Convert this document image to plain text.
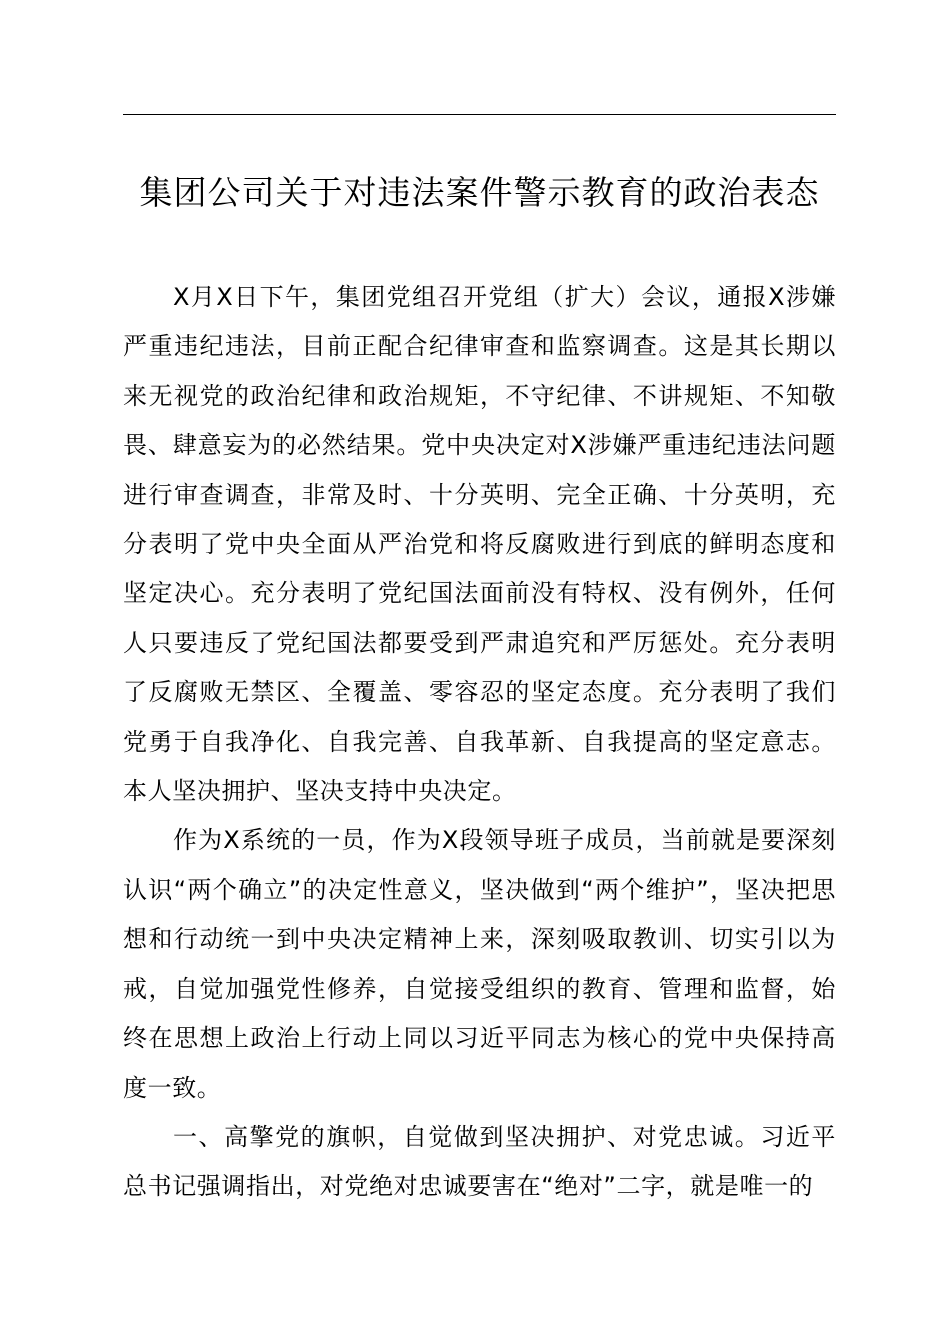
集团公司关于对违法案件警示教育的政治表态

X月X日下午，集团党组召开党组（扩大）会议，通报X涉嫌严重违纪违法，目前正配合纪律审查和监察调查。这是其长期以来无视党的政治纪律和政治规矩，不守纪律、不讲规矩、不知敬畏、肆意妄为的必然结果。党中央决定对X涉嫌严重违纪违法问题进行审查调查，非常及时、十分英明、完全正确、十分英明，充分表明了党中央全面从严治党和将反腐败进行到底的鲜明态度和坚定决心。充分表明了党纪国法面前没有特权、没有例外，任何人只要违反了党纪国法都要受到严肃追究和严厉惩处。充分表明了反腐败无禁区、全覆盖、零容忍的坚定态度。充分表明了我们党勇于自我净化、自我完善、自我革新、自我提高的坚定意志。本人坚决拥护、坚决支持中央决定。

作为X系统的一员，作为X段领导班子成员，当前就是要深刻认识“两个确立”的决定性意义，坚决做到“两个维护”，坚决把思想和行动统一到中央决定精神上来，深刻吸取教训、切实引以为戒，自觉加强党性修养，自觉接受组织的教育、管理和监督，始终在思想上政治上行动上同以习近平同志为核心的党中央保持高度一致。

一、高擎党的旗帜，自觉做到坚决拥护、对党忠诚。习近平总书记强调指出，对党绝对忠诚要害在“绝对”二字，就是唯一的
